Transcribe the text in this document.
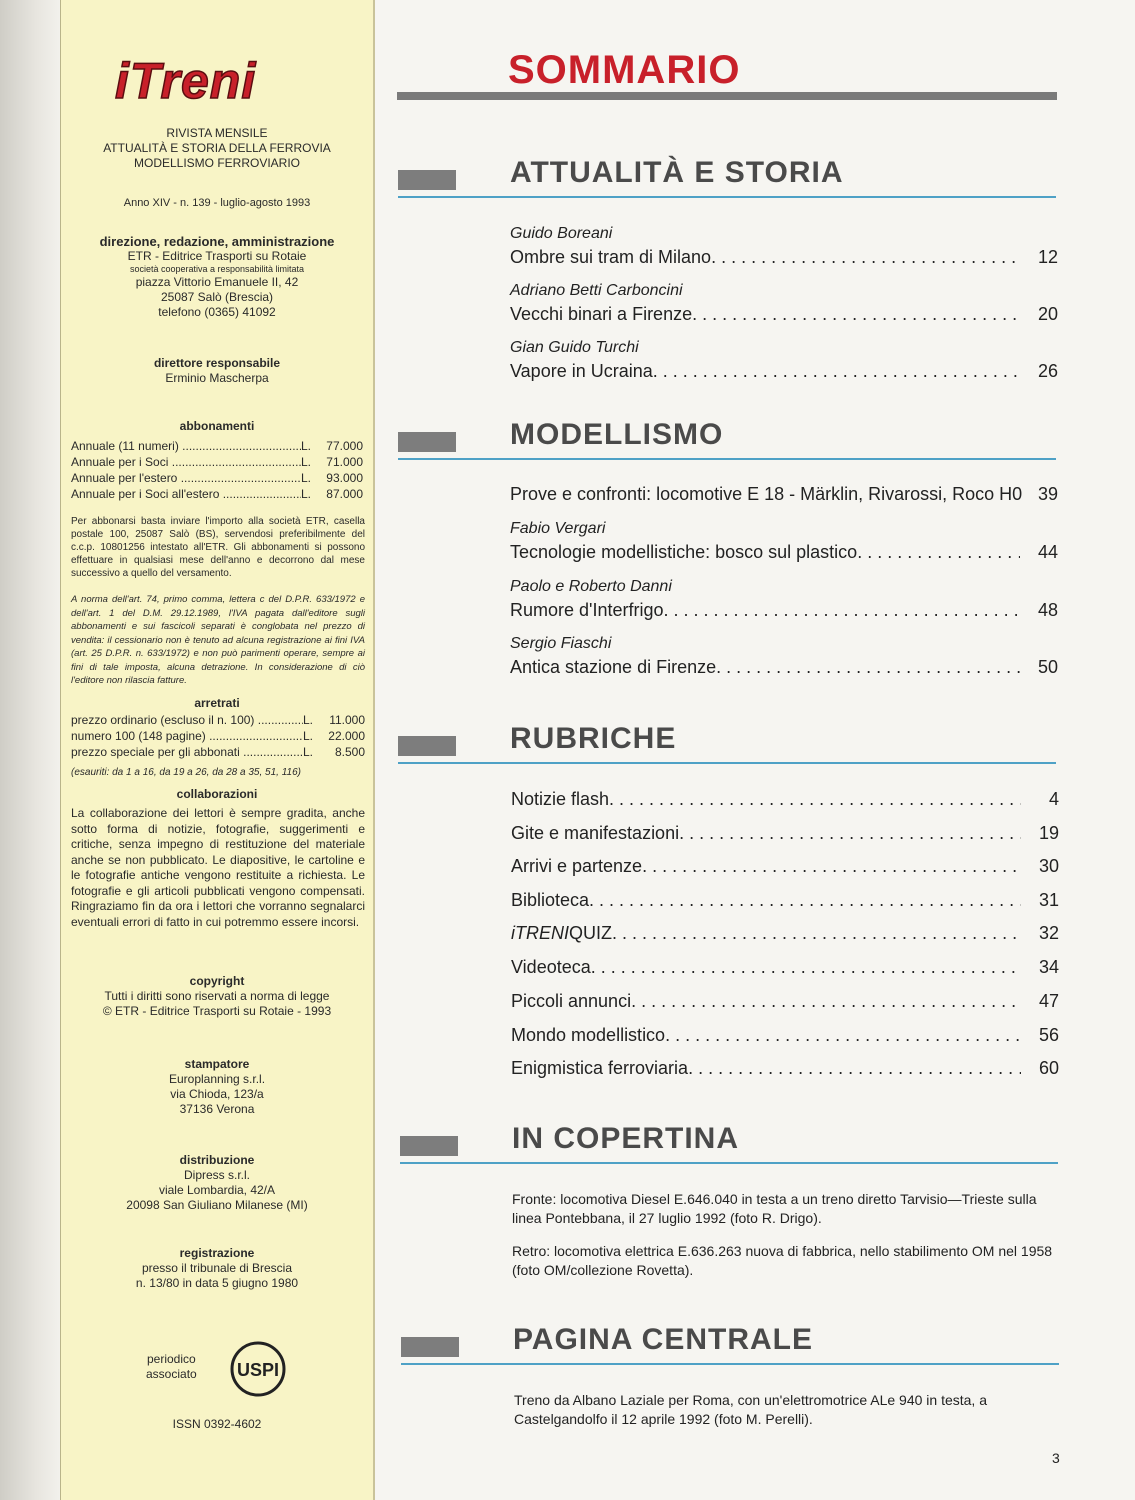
iTreni
RIVISTA MENSILE
ATTUALITÀ E STORIA DELLA FERROVIA
MODELLISMO FERROVIARIO
Anno XIV - n. 139 - luglio-agosto 1993
direzione, redazione, amministrazione
ETR - Editrice Trasporti su Rotaie
società cooperativa a responsabilità limitata
piazza Vittorio Emanuele II, 42
25087 Salò (Brescia)
telefono (0365) 41092
direttore responsabile
Erminio Mascherpa
abbonamenti
Annuale (11 numeri) .....	L.	77.000
Annuale per i Soci .....	L.	71.000
Annuale per l'estero .....	L.	93.000
Annuale per i Soci all'estero .....	L.	87.000
Per abbonarsi basta inviare l'importo alla società ETR, casella postale 100, 25087 Salò (BS), servendosi preferibilmente del c.c.p. 10801256 intestato all'ETR. Gli abbonamenti si possono effettuare in qualsiasi mese dell'anno e decorrono dal mese successivo a quello del versamento.
A norma dell'art. 74, primo comma, lettera c del D.P.R. 633/1972 e dell'art. 1 del D.M. 29.12.1989, l'IVA pagata dall'editore sugli abbonamenti e sui fascicoli separati è conglobata nel prezzo di vendita: il cessionario non è tenuto ad alcuna registrazione ai fini IVA (art. 25 D.P.R. n. 633/1972) e non può parimenti operare, sempre ai fini di tale imposta, alcuna detrazione. In considerazione di ciò l'editore non rilascia fatture.
arretrati
prezzo ordinario (escluso il n. 100) .....	L.	11.000
numero 100 (148 pagine) .....	L.	22.000
prezzo speciale per gli abbonati .....	L.	8.500
(esauriti: da 1 a 16, da 19 a 26, da 28 a 35, 51, 116)
collaborazioni
La collaborazione dei lettori è sempre gradita, anche sotto forma di notizie, fotografie, suggerimenti e critiche, senza impegno di restituzione del materiale anche se non pubblicato. Le diapositive, le cartoline e le fotografie antiche vengono restituite a richiesta. Le fotografie e gli articoli pubblicati vengono compensati. Ringraziamo fin da ora i lettori che vorranno segnalarci eventuali errori di fatto in cui potremmo essere incorsi.
copyright
Tutti i diritti sono riservati a norma di legge
© ETR - Editrice Trasporti su Rotaie - 1993
stampatore
Europlanning s.r.l.
via Chioda, 123/a
37136 Verona
distribuzione
Dipress s.r.l.
viale Lombardia, 42/A
20098 San Giuliano Milanese (MI)
registrazione
presso il tribunale di Brescia
n. 13/80 in data 5 giugno 1980
periodico
associato USPI
ISSN 0392-4602
SOMMARIO
ATTUALITÀ E STORIA
Guido Boreani
Ombre sui tram di Milano . . .	12
Adriano Betti Carboncini
Vecchi binari a Firenze . . .	20
Gian Guido Turchi
Vapore in Ucraina . . .	26
MODELLISMO
Prove e confronti: locomotive E 18 - Märklin, Rivarossi, Roco H0 39
Fabio Vergari
Tecnologie modellistiche: bosco sul plastico . . .	44
Paolo e Roberto Danni
Rumore d'Interfrigo . . .	48
Sergio Fiaschi
Antica stazione di Firenze . . .	50
RUBRICHE
Notizie flash . . .	4
Gite e manifestazioni . . .	19
Arrivi e partenze . . .	30
Biblioteca . . .	31
iTRENIQUIZ . . .	32
Videoteca . . .	34
Piccoli annunci . . .	47
Mondo modellistico . . .	56
Enigmistica ferroviaria . . .	60
IN COPERTINA
Fronte: locomotiva Diesel E.646.040 in testa a un treno diretto Tarvisio—Trieste sulla linea Pontebbana, il 27 luglio 1992 (foto R. Drigo).
Retro: locomotiva elettrica E.636.263 nuova di fabbrica, nello stabilimento OM nel 1958 (foto OM/collezione Rovetta).
PAGINA CENTRALE
Treno da Albano Laziale per Roma, con un'elettromotrice ALe 940 in testa, a Castelgandolfo il 12 aprile 1992 (foto M. Perelli).
3
